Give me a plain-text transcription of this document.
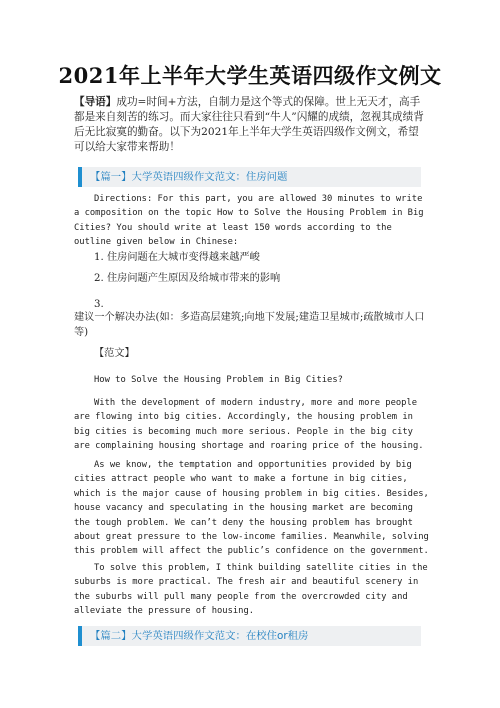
2021年上半年大学生英语四级作文例文
【导语】成功=时间+方法，自制力是这个等式的保障。世上无天才，高手都是来自刻苦的练习。而大家往往只看到“牛人”闪耀的成绩，忽视其成绩背后无比寂寞的勤奋。以下为2021年上半年大学生英语四级作文例文，希望可以给大家带来帮助！
【篇一】大学英语四级作文范文：住房问题
Directions: For this part, you are allowed 30 minutes to write a composition on the topic How to Solve the Housing Problem in Big Cities? You should write at least 150 words according to the outline given below in Chinese:
1. 住房问题在大城市变得越来越严峻
2. 住房问题产生原因及给城市带来的影响
3.
建议一个解决办法(如：多造高层建筑;向地下发展;建造卫星城市;疏散城市人口等)
【范文】
How to Solve the Housing Problem in Big Cities?
With the development of modern industry, more and more people are flowing into big cities. Accordingly, the housing problem in big cities is becoming much more serious. People in the big city are complaining housing shortage and roaring price of the housing.
As we know, the temptation and opportunities provided by big cities attract people who want to make a fortune in big cities, which is the major cause of housing problem in big cities. Besides, house vacancy and speculating in the housing market are becoming the tough problem. We can’t deny the housing problem has brought about great pressure to the low-income families. Meanwhile, solving this problem will affect the public’s confidence on the government.
To solve this problem, I think building satellite cities in the suburbs is more practical. The fresh air and beautiful scenery in the suburbs will pull many people from the overcrowded city and alleviate the pressure of housing.
【篇二】大学英语四级作文范文：在校住or租房
